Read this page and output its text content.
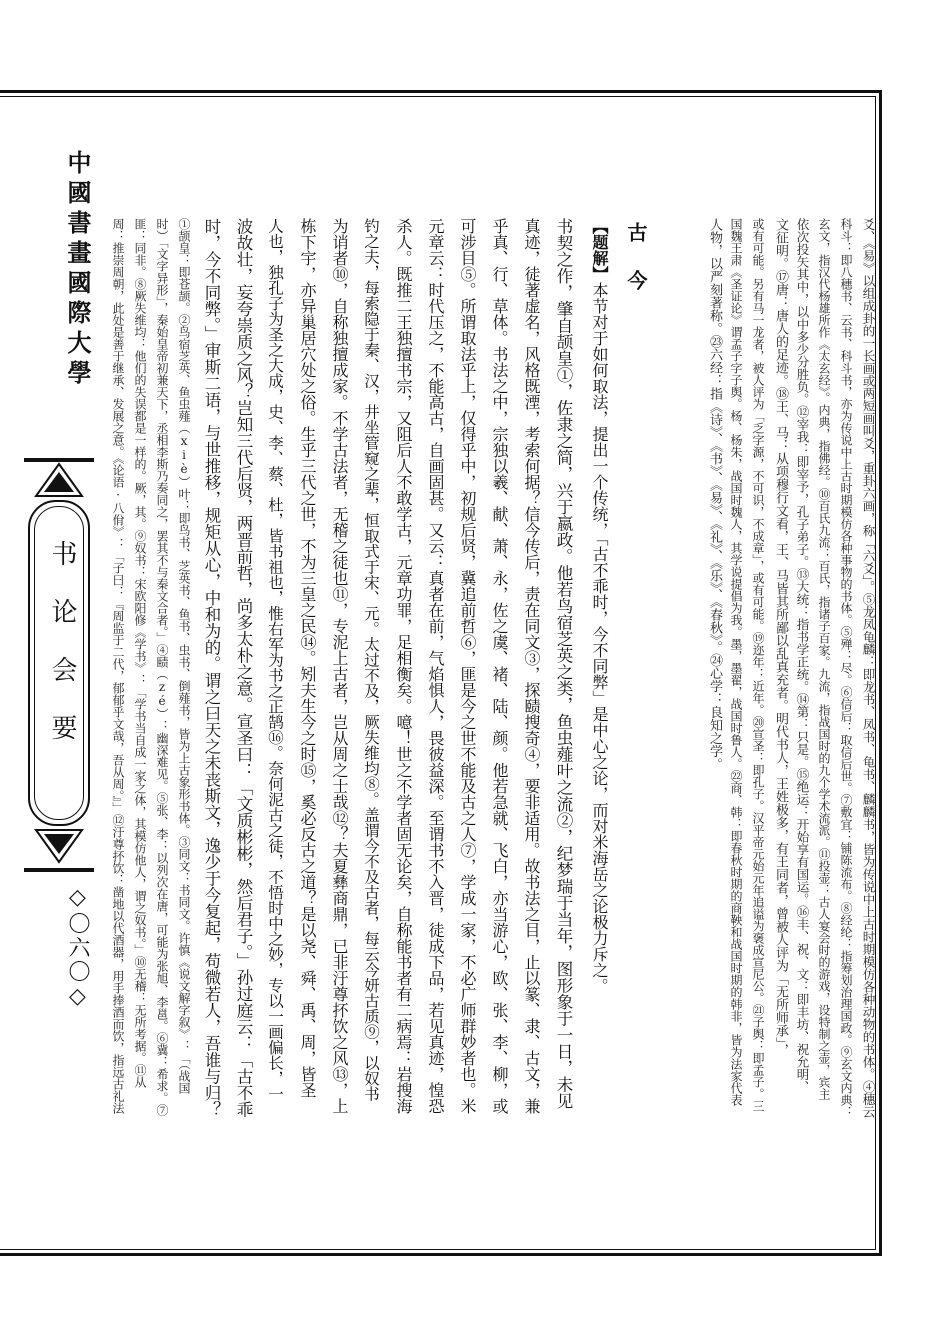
中國書畫國際大學
书论会要
◇〇六〇◇
古今	爻、《易》以组成卦的一长画或两短画叫爻，重卦六画，称「六爻」。⑤龙凤龟麟：即龙书、凤书、龟书、麟麟书，皆为传说中上古时期模仿各种动物的书体。④穗云
科斗：即八穗书、云书、科斗书，亦为传说中上古时期模仿各种事物的书体。⑤殚：尽。⑥信后：取信后世。⑦敷宜：铺陈流布。⑧经纶：指筹划治理国政。⑨玄文内典：
玄文，指汉代杨雄所作《太玄经》。内典，指佛经。⑩百氏九流：百氏，指诸子百家。九流，指战国时的九个学术流派。⑪投壶：古人宴会时的游戏，设特制之壶，宾主
依次投矢其中，以中多少分胜负。⑫宰我：即宰予，孔子弟子。⑬大统：指书学正统。⑭第：只是。⑮绝运：开始享有国运。⑯丰、祝、文：即丰坊、祝允明、
文征明。⑰唐：唐人的足迹。⑱王、马：从项穆行文看，王、马皆其所鄙以乱真充者。明代书人，王姓极多，有王同者，曾被人评为「无所师承」，
或有可能。另有马一龙者，被人评为「乏字源，不可识，不成章」，或有可能。⑲迩年：近年。⑳宣圣：即孔子。汉平帝元始元年追谥为褒成宣尼公。㉑子舆：即孟子。三
国魏王肃《圣证论》谓孟子字子舆。杨、杨朱，战国时魏人，其学说提倡为我。墨，墨翟，战国时鲁人。㉒商、韩：即春秋时期的商鞅和战国时期的韩非，皆为法家代表
人物，以严刻著称。㉓六经：指《诗》、《书》、《易》、《礼》、《乐》、《春秋》。㉔心学：良知之学。
【题解】本节对于如何取法，提出一个传统，「古不乖时，今不同弊」是中心之论，而对米海岳之论极力斥之。
书契之作，肇自颉皇①，佐隶之简，兴于嬴政。他若鸟宿芝英之类，鱼虫薤叶之流②，纪梦瑞于当年，图形象于一日，未见
真迹，徒著虚名，风格既湮，考索何据？信今传后，责在同文③，探赜搜奇④，要非适用。故书法之目，止以篆、隶、古文，兼
乎真、行、草体。书法之中，宗独以羲、献、萧、永，佐之虞、褚、陆、颜。他若急就、飞白，亦当游心，欧、张、李、柳，或
可涉目⑤。所谓取法乎上，仅得乎中，初规后贤，冀追前哲⑥，匪是今之世不能及古之人⑦，学成一家，不必广师群妙者也。米
元章云：时代压之，不能高古，自画固甚。又云：真者在前，气焰惧人，畏彼益深。至谓书不入晋，徒成下品，若见真迹，惶恐
杀人。既推二王独擅书宗，又阻后人不敢学古，元章功罪，足相衡矣。噫！世之不学者固无论矣，自称能书者有二病焉：岩搜海
钓之夫，每索隐于秦、汉，井坐管窥之辈，恒取式于宋、元。太过不及，厥失维均⑧。盖谓今不及古者，每云今妍古质⑨，以奴书
为诮者⑩，自称独擅成家。不学古法者，无稽之徒也⑪，专泥上古者，岂从周之士哉⑫？夫夏彝商鼎，已非汙尊抔饮之风⑬，上
栋下宇，亦异巢居穴处之俗。生乎三代之世，不为三皇之民⑭。矧夫生今之时⑮，奚必反古之道？是以尧、舜、禹、周，皆圣
人也，独孔子为圣之大成，史、李、蔡、杜，皆书祖也，惟右军为书之正鹄⑯。奈何泥古之徒，不悟时中之妙，专以一画偏长，一
波故壮，妄夸崇质之风？岂知三代后贤，两晋前哲，尚多太朴之意。宣圣曰：「文质彬彬，然后君子。」孙过庭云：「古不乖
时，今不同弊。」审斯二语，与世推移，规矩从心，中和为的。谓之曰天之未丧斯文，逸少于今复起，苟微若人，吾谁与归？
①颉皇：即苍颉。②鸟宿芝英、鱼虫薤（xiè）叶：即鸟书、芝英书、鱼书、虫书、倒薤书，皆为上古象形书体。③同文：书同文。许慎《说文解字叙》：「（战国
时）「文字异形」，秦始皇帝初兼天下，丞相李斯乃奏同之，罢其不与秦文合者。」④赜（zé）：幽深难见。⑤张、李：以列次在唐，可能为张旭、李邕。⑥冀：希求。⑦
匪：同非。⑧厥失维均：他们的失误都是一样的。厥，其。⑨奴书：宋欧阳修《学书》：「学书当自成一家之体，其模仿他人，谓之奴书。」⑩无稽：无所考据。⑪从
周：推崇周朝，此处是善于继承、发展之意。《论语·八佾》：「子曰：『周监于二代，郁郁乎文哉，吾从周。』」⑫汙尊抔饮：凿地以代酒器，用手捧酒而饮，指远古礼法
